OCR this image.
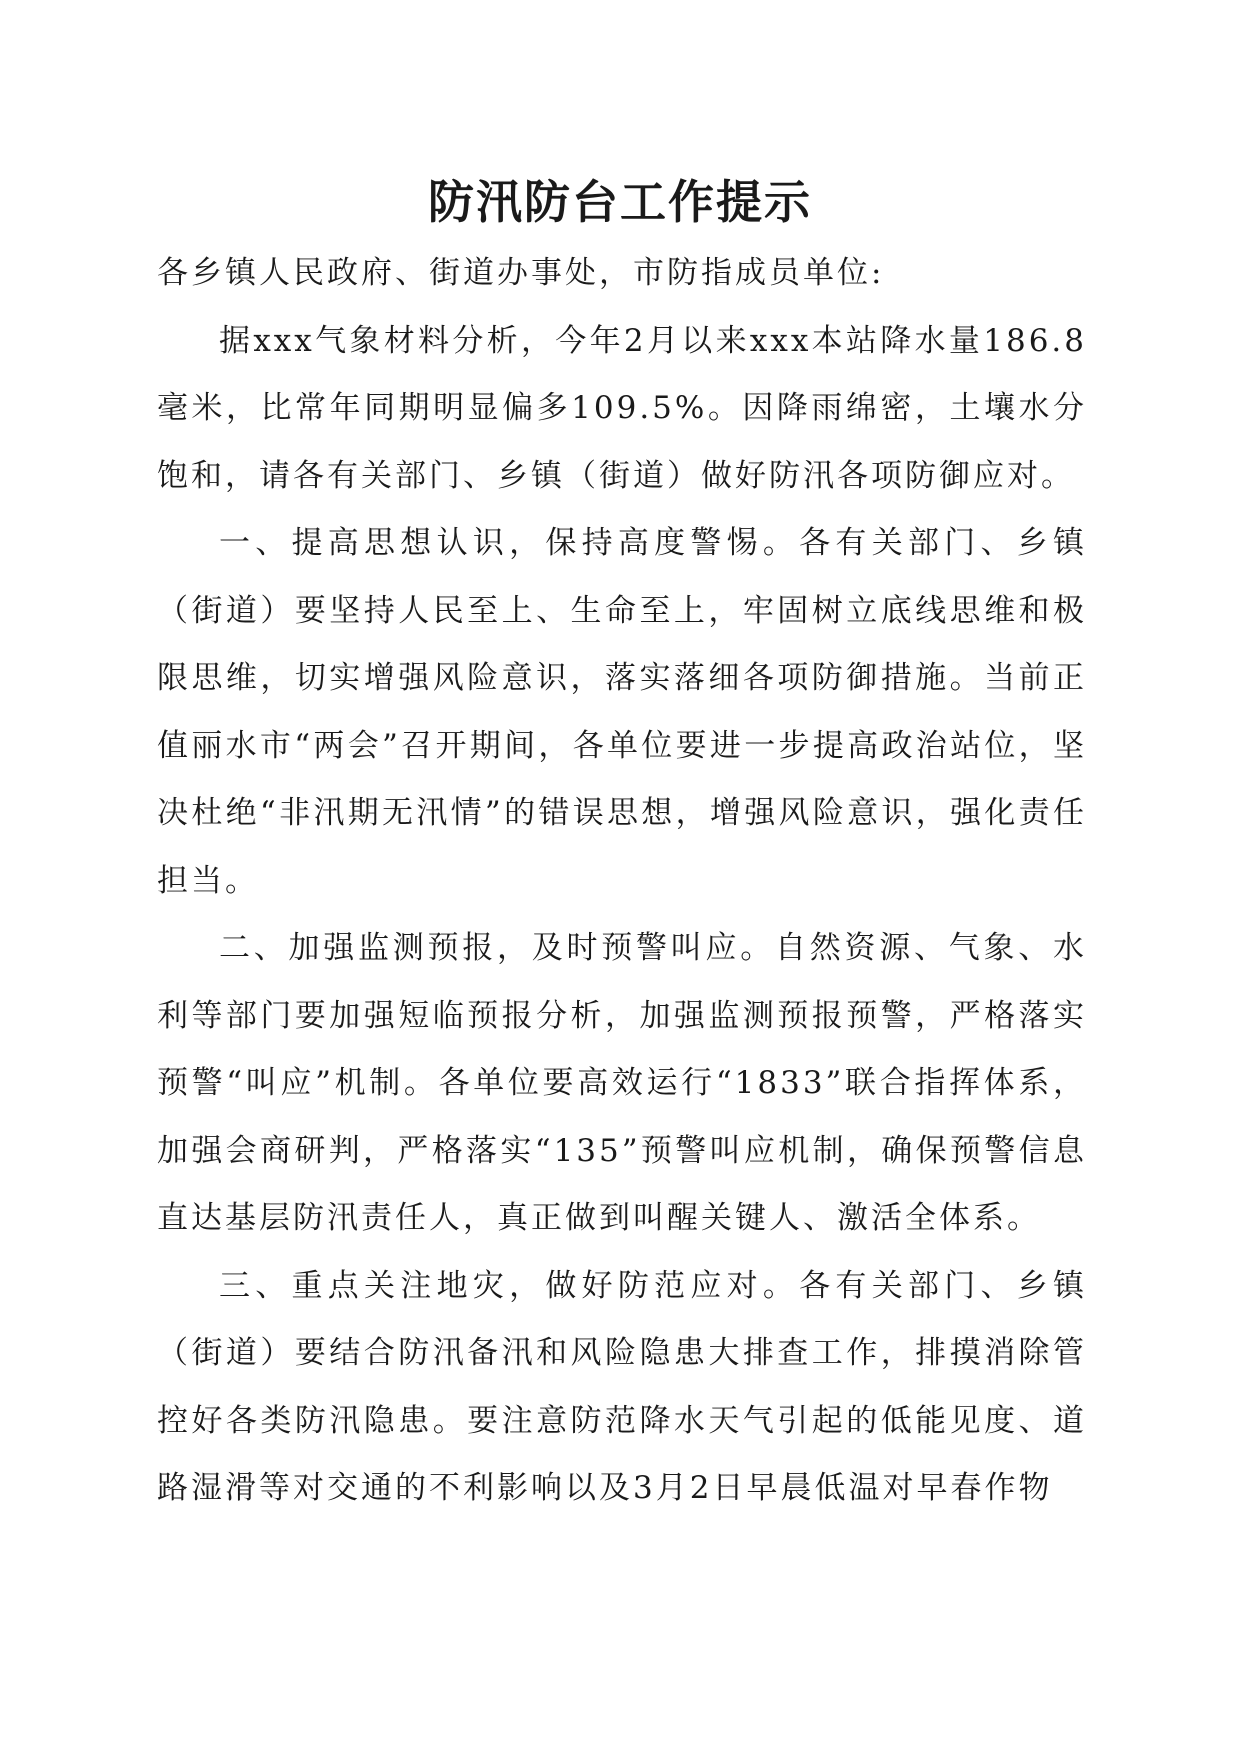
防汛防台工作提示

各乡镇人民政府、街道办事处，市防指成员单位:

据xxx气象材料分析，今年2月以来xxx本站降水量186.8毫米，比常年同期明显偏多109.5%。因降雨绵密，土壤水分饱和，请各有关部门、乡镇（街道）做好防汛各项防御应对。

一、提高思想认识，保持高度警惕。各有关部门、乡镇（街道）要坚持人民至上、生命至上，牢固树立底线思维和极限思维，切实增强风险意识，落实落细各项防御措施。当前正值丽水市“两会”召开期间，各单位要进一步提高政治站位，坚决杜绝“非汛期无汛情”的错误思想，增强风险意识，强化责任担当。

二、加强监测预报，及时预警叫应。自然资源、气象、水利等部门要加强短临预报分析，加强监测预报预警，严格落实预警“叫应”机制。各单位要高效运行“1833”联合指挥体系，加强会商研判，严格落实“135”预警叫应机制，确保预警信息直达基层防汛责任人，真正做到叫醒关键人、激活全体系。

三、重点关注地灾，做好防范应对。各有关部门、乡镇（街道）要结合防汛备汛和风险隐患大排查工作，排摸消除管控好各类防汛隐患。要注意防范降水天气引起的低能见度、道路湿滑等对交通的不利影响以及3月2日早晨低温对早春作物
